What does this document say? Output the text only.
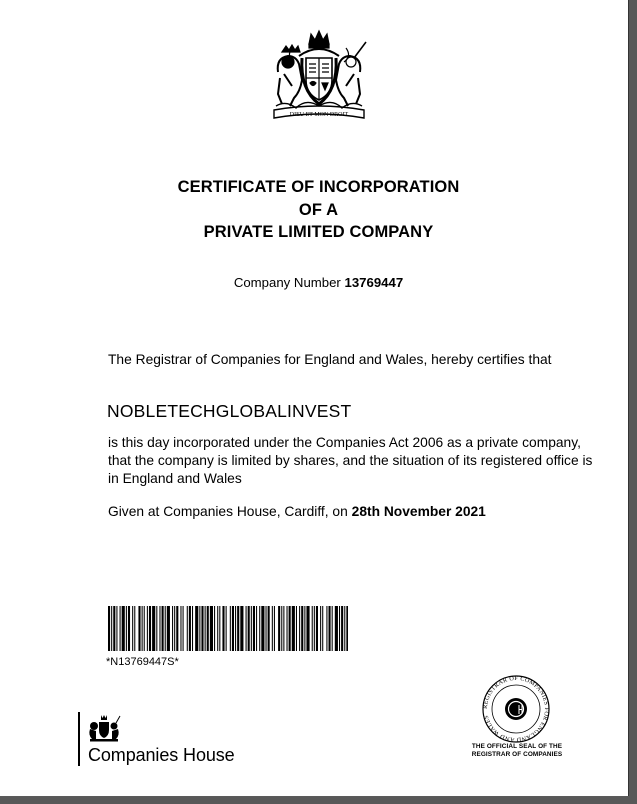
DIEU ET MON DROIT
CERTIFICATE OF INCORPORATION
OF A
PRIVATE LIMITED COMPANY
Company Number 13769447
The Registrar of Companies for England and Wales, hereby certifies that
NOBLETECHGLOBALINVEST
is this day incorporated under the Companies Act 2006 as a private company, that the company is limited by shares, and the situation of its registered office is in England and Wales
Given at Companies House, Cardiff, on 28th November 2021
*N13769447S*
Companies House
REGISTRAR OF COMPANIES FOR ENGLAND AND WALES
THE OFFICIAL SEAL OF THE
REGISTRAR OF COMPANIES
